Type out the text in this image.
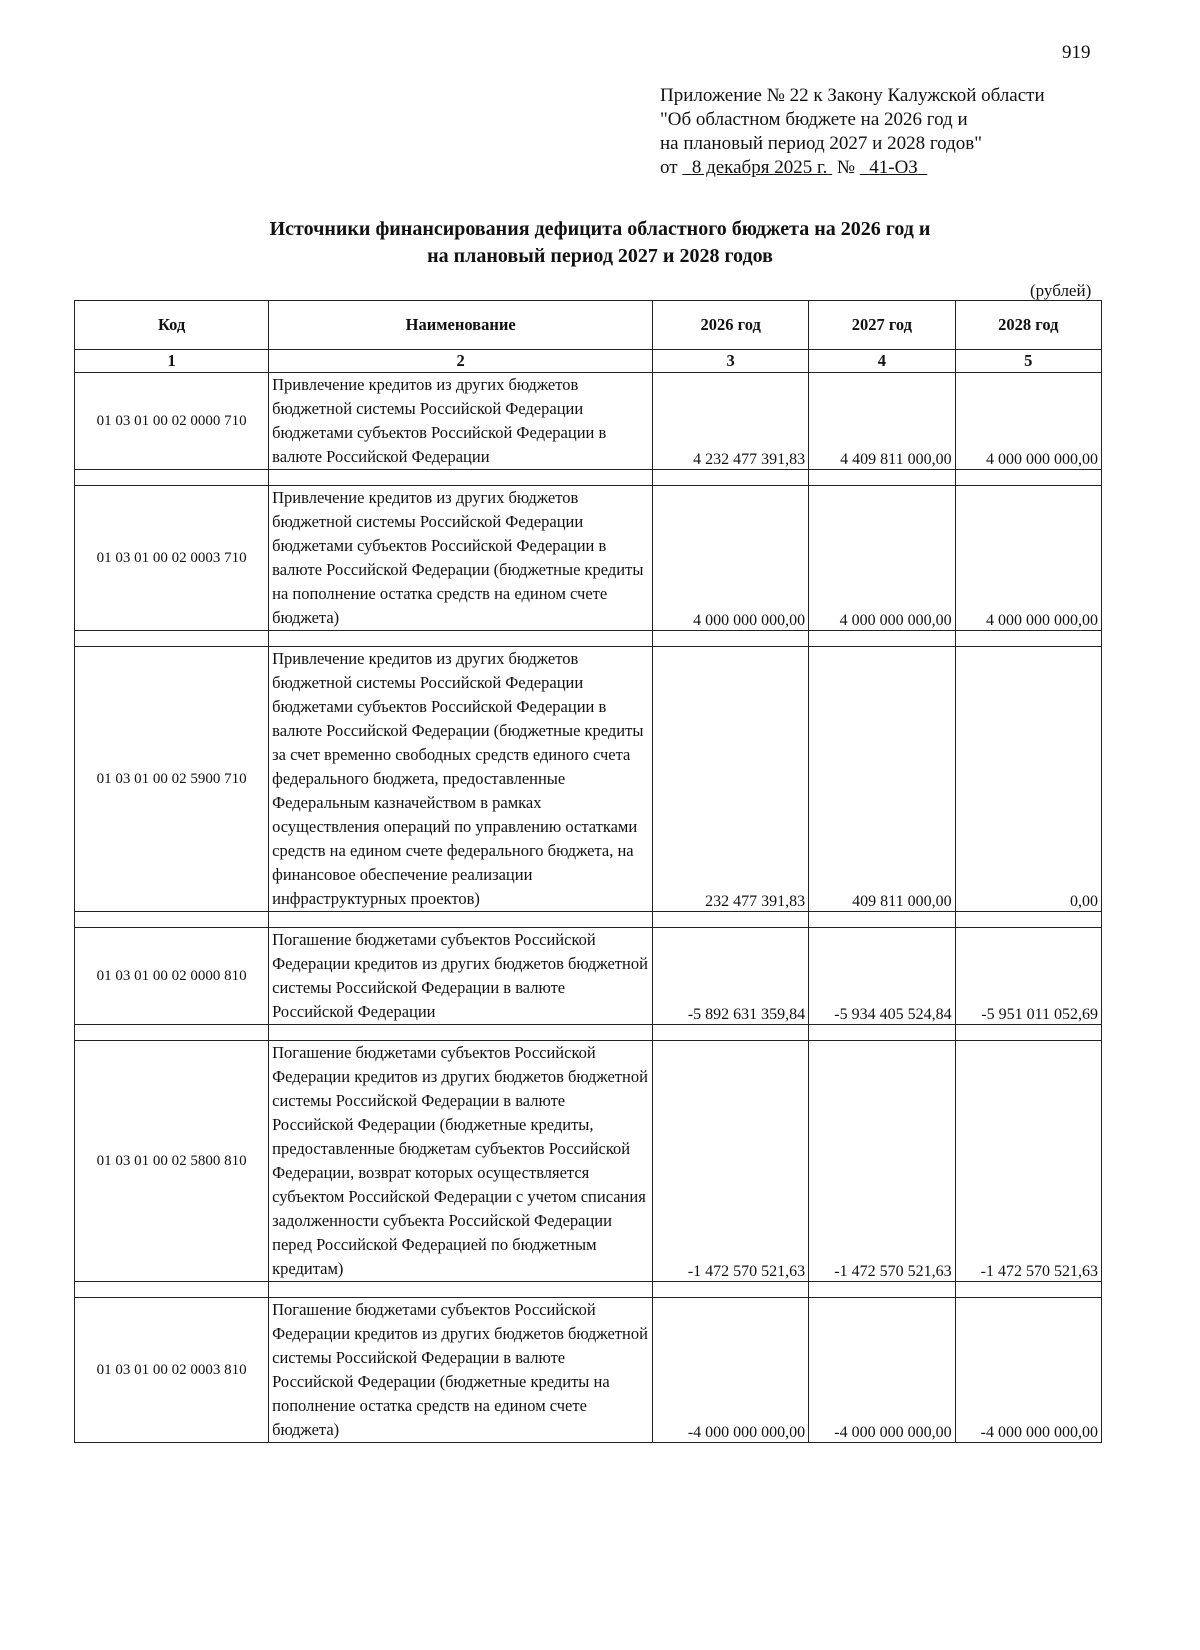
919
Приложение № 22 к Закону Калужской области
"Об областном бюджете на 2026 год и
на плановый период 2027 и 2028 годов"
от 8 декабря 2025 г. № 41-ОЗ
Источники финансирования дефицита областного бюджета на 2026 год и
на плановый период 2027 и 2028 годов
(рублей)
Код	Наименование	2026 год	2027 год	2028 год
1	2	3	4	5
01 03 01 00 02 0000 710	Привлечение кредитов из других бюджетов бюджетной системы Российской Федерации бюджетами субъектов Российской Федерации в валюте Российской Федерации	4 232 477 391,83	4 409 811 000,00	4 000 000 000,00

01 03 01 00 02 0003 710	Привлечение кредитов из других бюджетов бюджетной системы Российской Федерации бюджетами субъектов Российской Федерации в валюте Российской Федерации (бюджетные кредиты на пополнение остатка средств на едином счете бюджета)	4 000 000 000,00	4 000 000 000,00	4 000 000 000,00

01 03 01 00 02 5900 710	Привлечение кредитов из других бюджетов бюджетной системы Российской Федерации бюджетами субъектов Российской Федерации в валюте Российской Федерации (бюджетные кредиты за счет временно свободных средств единого счета федерального бюджета, предоставленные Федеральным казначейством в рамках осуществления операций по управлению остатками средств на едином счете федерального бюджета, на финансовое обеспечение реализации инфраструктурных проектов)	232 477 391,83	409 811 000,00	0,00

01 03 01 00 02 0000 810	Погашение бюджетами субъектов Российской Федерации кредитов из других бюджетов бюджетной системы Российской Федерации в валюте Российской Федерации	-5 892 631 359,84	-5 934 405 524,84	-5 951 011 052,69

01 03 01 00 02 5800 810	Погашение бюджетами субъектов Российской Федерации кредитов из других бюджетов бюджетной системы Российской Федерации в валюте Российской Федерации (бюджетные кредиты, предоставленные бюджетам субъектов Российской Федерации, возврат которых осуществляется субъектом Российской Федерации с учетом списания задолженности субъекта Российской Федерации перед Российской Федерацией по бюджетным кредитам)	-1 472 570 521,63	-1 472 570 521,63	-1 472 570 521,63

01 03 01 00 02 0003 810	Погашение бюджетами субъектов Российской Федерации кредитов из других бюджетов бюджетной системы Российской Федерации в валюте Российской Федерации (бюджетные кредиты на пополнение остатка средств на едином счете бюджета)	-4 000 000 000,00	-4 000 000 000,00	-4 000 000 000,00
